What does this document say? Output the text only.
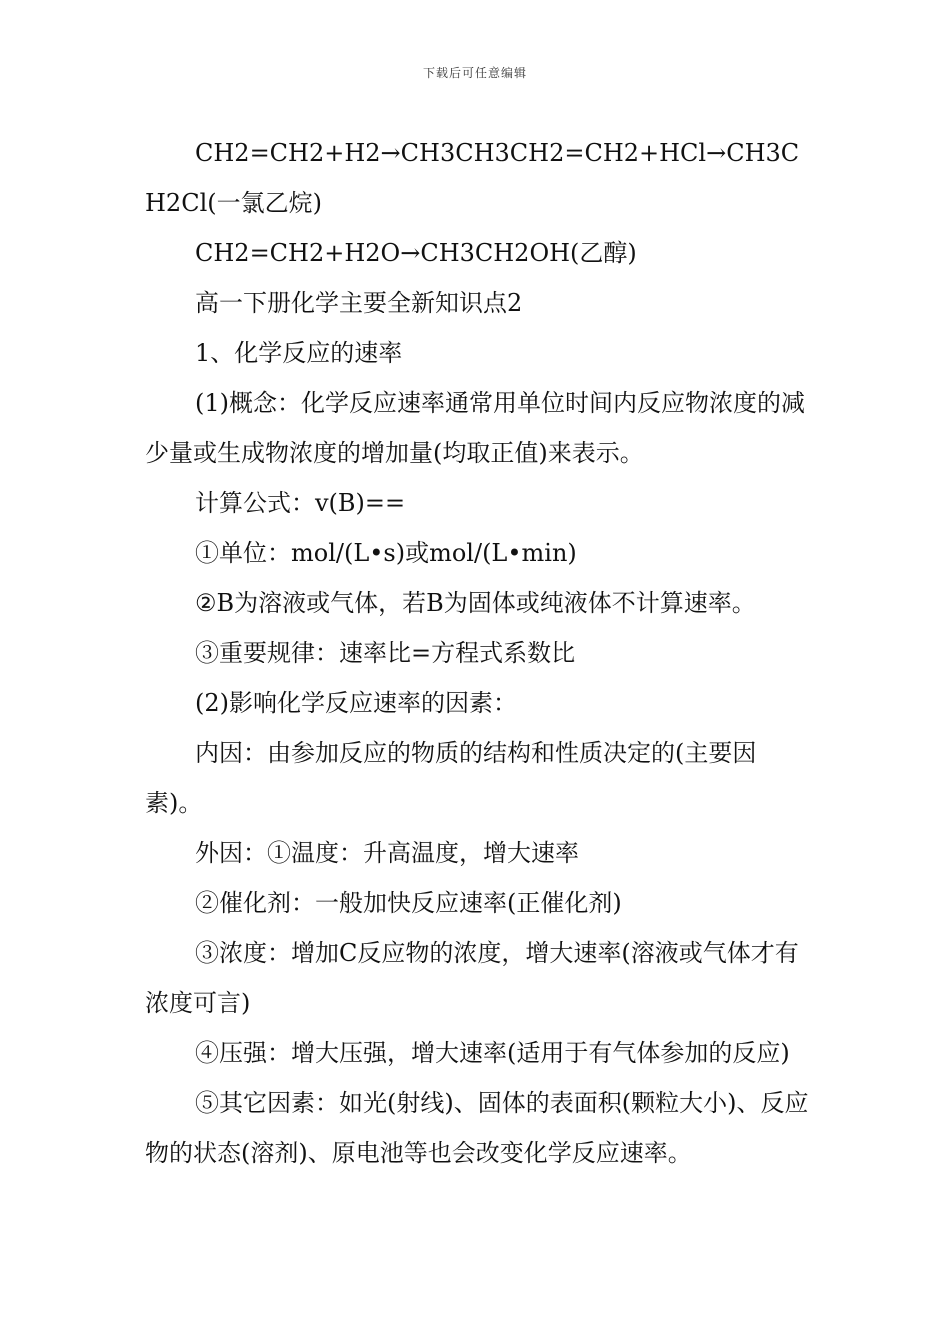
下载后可任意编辑

CH2=CH2+H2→CH3CH3CH2=CH2+HCl→CH3CH2Cl(一氯乙烷)

CH2=CH2+H2O→CH3CH2OH(乙醇)

高一下册化学主要全新知识点2

1、化学反应的速率

(1)概念：化学反应速率通常用单位时间内反应物浓度的减少量或生成物浓度的增加量(均取正值)来表示。

计算公式：v(B)==

①单位：mol/(L•s)或mol/(L•min)

②B为溶液或气体，若B为固体或纯液体不计算速率。

③重要规律：速率比=方程式系数比

(2)影响化学反应速率的因素：

内因：由参加反应的物质的结构和性质决定的(主要因素)。

外因：①温度：升高温度，增大速率

②催化剂：一般加快反应速率(正催化剂)

③浓度：增加C反应物的浓度，增大速率(溶液或气体才有浓度可言)

④压强：增大压强，增大速率(适用于有气体参加的反应)

⑤其它因素：如光(射线)、固体的表面积(颗粒大小)、反应物的状态(溶剂)、原电池等也会改变化学反应速率。
